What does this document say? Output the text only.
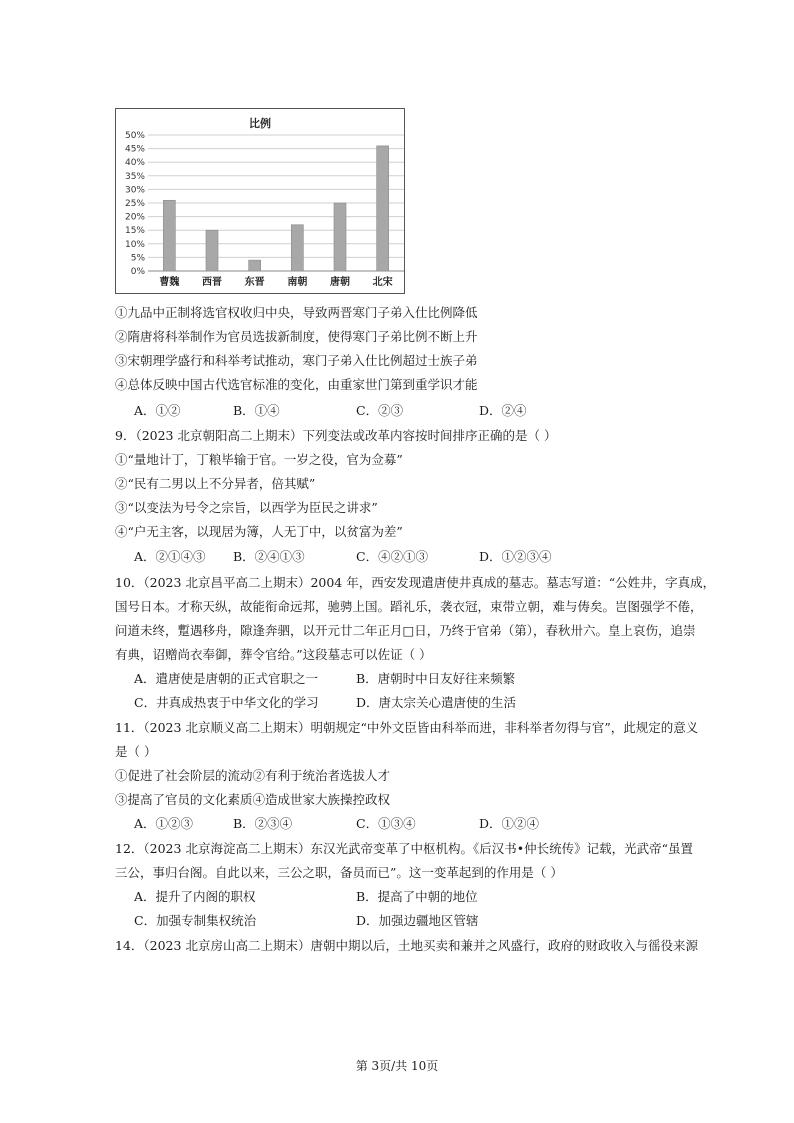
比例
0%
5%
10%
15%
20%
25%
30%
35%
40%
45%
50%
曹魏 西晋 东晋 南朝 唐朝 北宋
①九品中正制将选官权收归中央，导致两晋寒门子弟入仕比例降低
②隋唐将科举制作为官员选拔新制度，使得寒门子弟比例不断上升
③宋朝理学盛行和科举考试推动，寒门子弟入仕比例超过士族子弟
④总体反映中国古代选官标准的变化，由重家世门第到重学识才能
A．①②	B．①④	C．②③	D．②④
9．（2023 北京朝阳高二上期末）下列变法或改革内容按时间排序正确的是（ ）
①“量地计丁，丁粮毕输于官。一岁之役，官为佥募”
②“民有二男以上不分异者，倍其赋”
③“以变法为号令之宗旨，以西学为臣民之讲求”
④“户无主客，以现居为簿，人无丁中，以贫富为差”
A．②①④③ B．②④①③	C．④②①③	D．①②③④
10．（2023 北京昌平高二上期末）2004 年，西安发现遣唐使井真成的墓志。墓志写道：“公姓井，字真成，
国号日本。才称天纵，故能衔命远邦，驰骋上国。蹈礼乐，袭衣冠，束带立朝，难与俦矣。岂图强学不倦，
问道未终，蹔遇移舟，隙逢奔驷，以开元廿二年正月□日，乃终于官弟（第），春秋卅六。皇上哀伤，追崇
有典，诏赠尚衣奉御，葬令官给。”这段墓志可以佐证（ ）
A．遣唐使是唐朝的正式官职之一	B．唐朝时中日友好往来频繁
C．井真成热衷于中华文化的学习	D．唐太宗关心遣唐使的生活
11．（2023 北京顺义高二上期末）明朝规定“中外文臣皆由科举而进，非科举者勿得与官”，此规定的意义
是（ ）
①促进了社会阶层的流动②有利于统治者选拔人才
③提高了官员的文化素质④造成世家大族操控政权
A．①②③	B．②③④	C．①③④	D．①②④
12．（2023 北京海淀高二上期末）东汉光武帝变革了中枢机构。《后汉书•仲长统传》记载，光武帝“虽置
三公，事归台阁。自此以来，三公之职，备员而已”。这一变革起到的作用是（ ）
A．提升了内阁的职权	B．提高了中朝的地位
C．加强专制集权统治	D．加强边疆地区管辖
14．（2023 北京房山高二上期末）唐朝中期以后，土地买卖和兼并之风盛行，政府的财政收入与徭役来源
第 3页/共 10页
